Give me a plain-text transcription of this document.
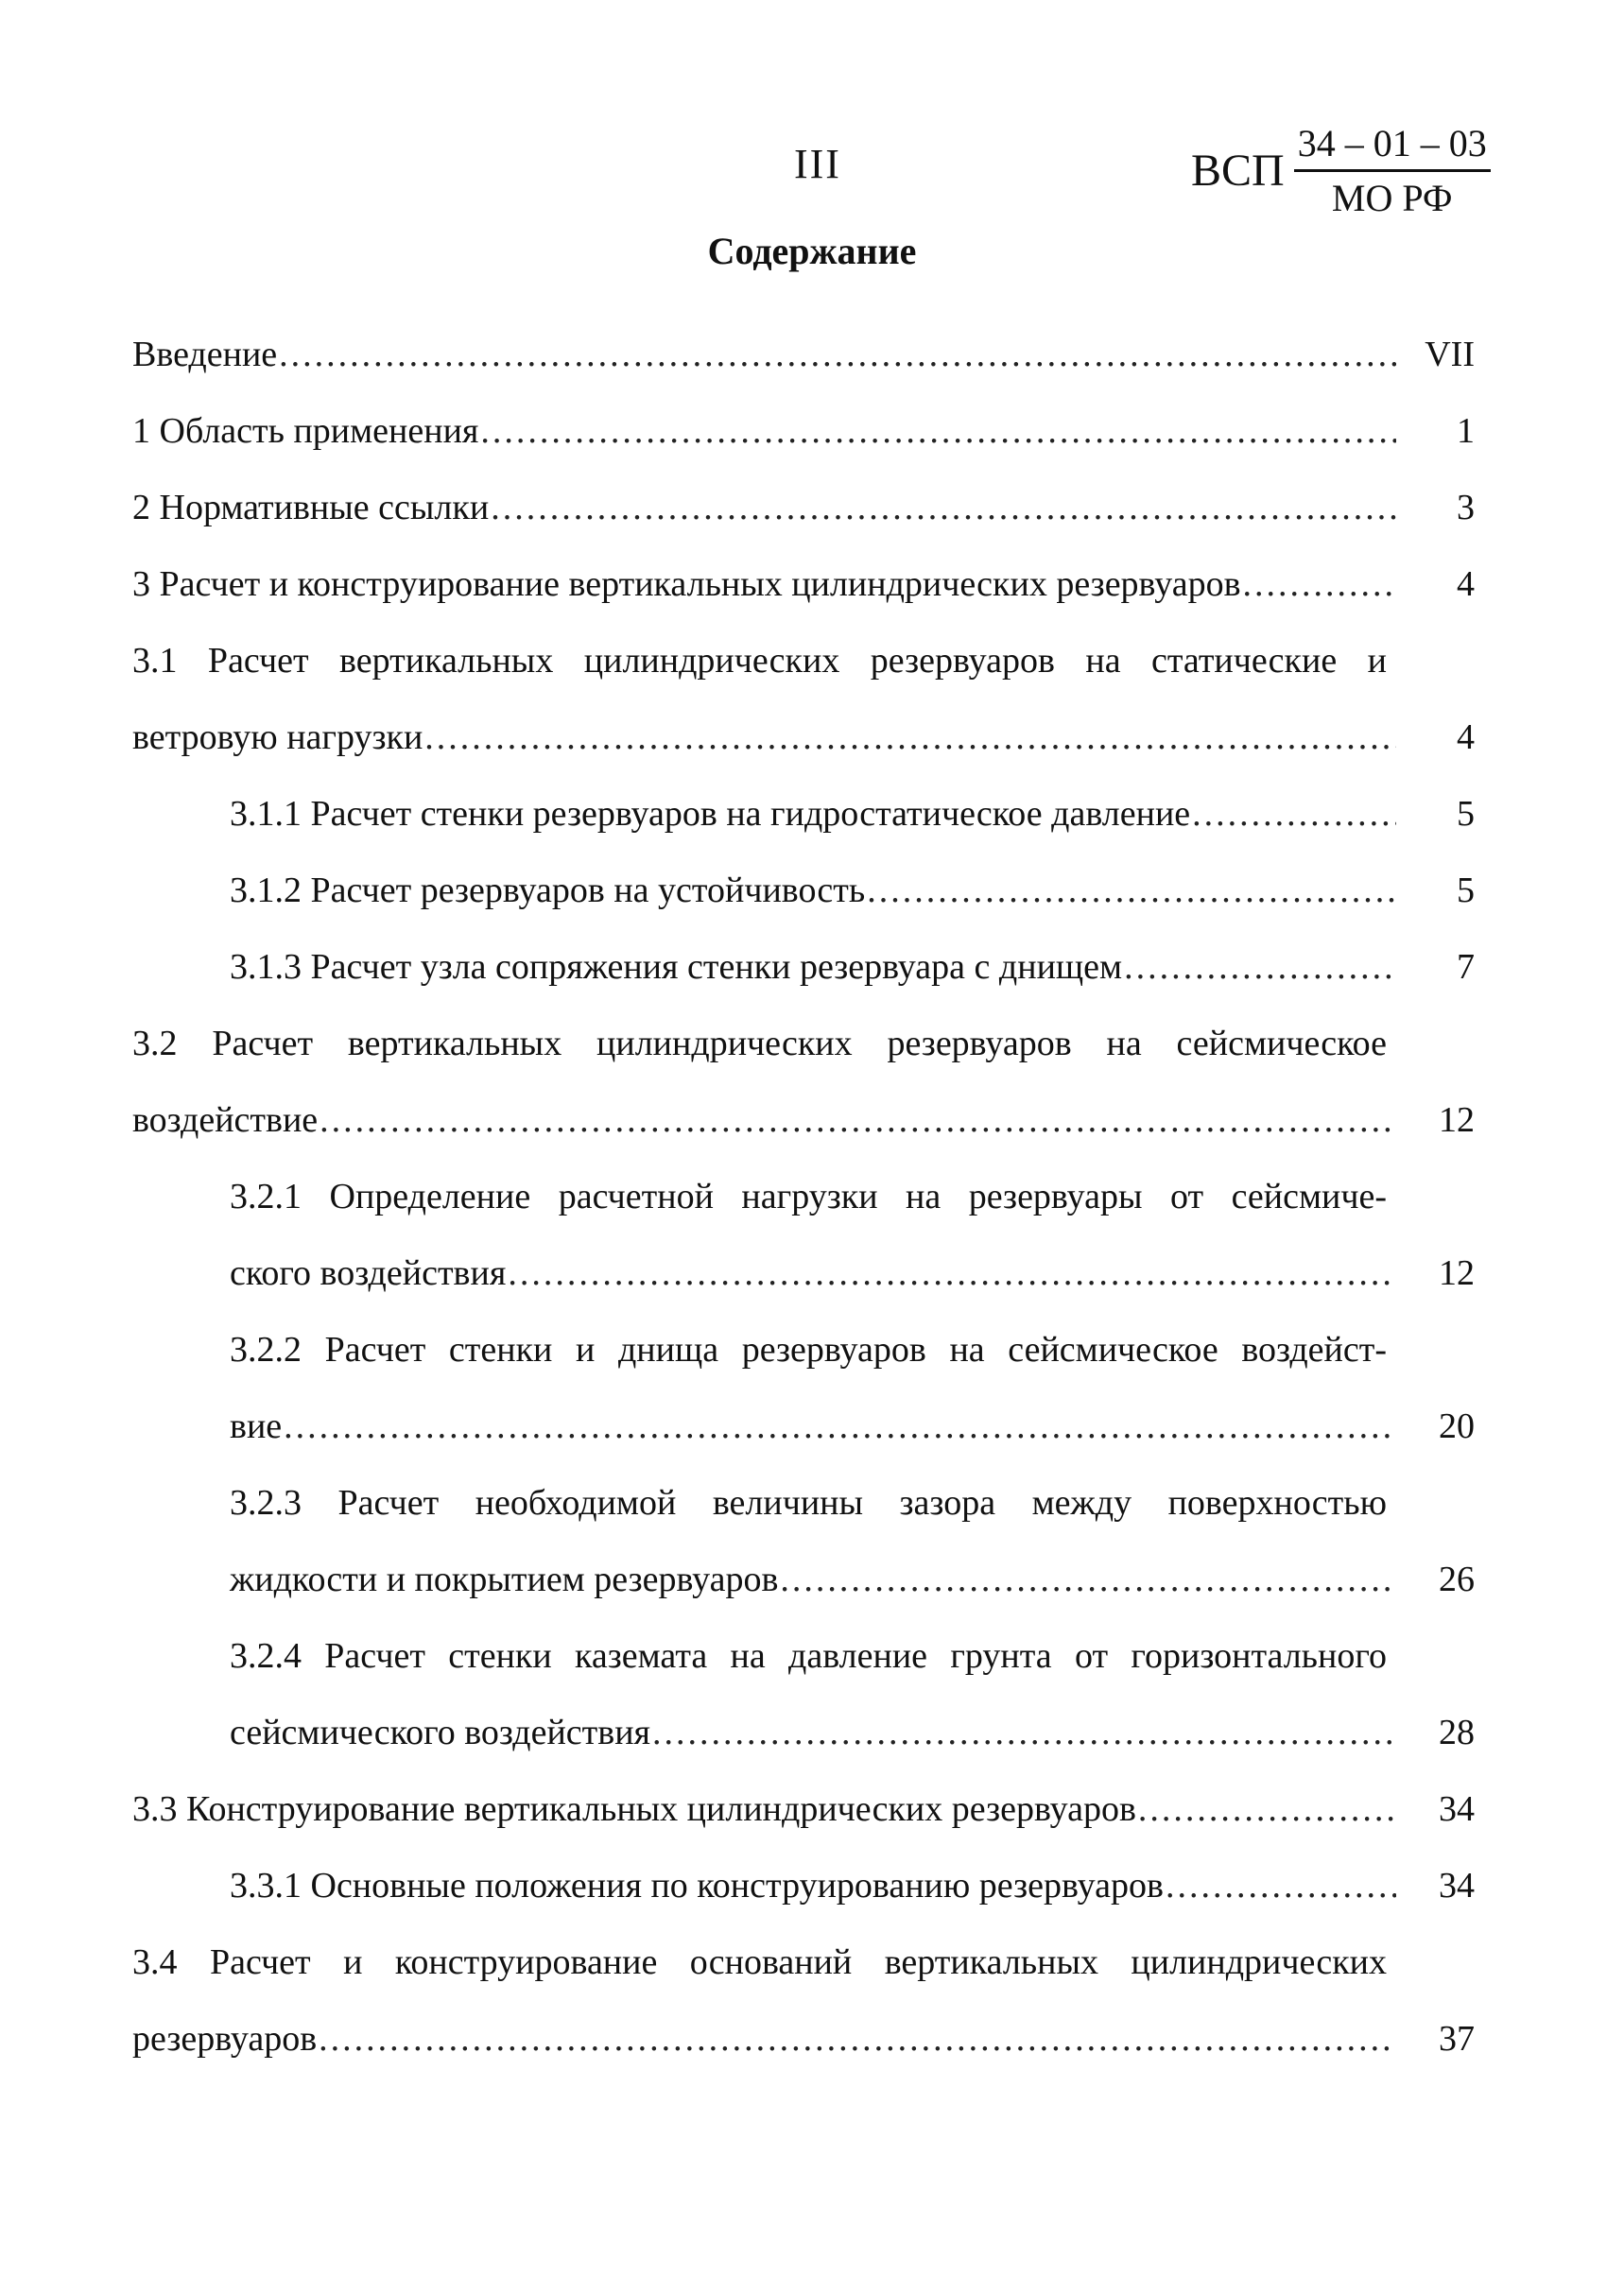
III	ВСП $\frac{34 - 01 - 03}{\text{МО РФ}}$
Содержание
Введение .....	VII
1 Область применения .....	1
2 Нормативные ссылки .....	3
3 Расчет и конструирование вертикальных цилиндрических резервуаров .....	4
3.1 Расчет вертикальных цилиндрических резервуаров на статические и
ветровую нагрузки .....	4
3.1.1 Расчет стенки резервуаров на гидростатическое давление .....	5
3.1.2 Расчет резервуаров на устойчивость .....	5
3.1.3 Расчет узла сопряжения стенки резервуара с днищем .....	7
3.2 Расчет вертикальных цилиндрических резервуаров на сейсмическое
воздействие .....	12
3.2.1 Определение расчетной нагрузки на резервуары от сейсмиче-
ского воздействия .....	12
3.2.2 Расчет стенки и днища резервуаров на сейсмическое воздейст-
вие .....	20
3.2.3 Расчет необходимой величины зазора между поверхностью
жидкости и покрытием резервуаров .....	26
3.2.4 Расчет стенки каземата на давление грунта от горизонтального
сейсмического воздействия .....	28
3.3 Конструирование вертикальных цилиндрических резервуаров .....	34
3.3.1 Основные положения по конструированию резервуаров .....	34
3.4 Расчет и конструирование оснований вертикальных цилиндрических
резервуаров .....	37
